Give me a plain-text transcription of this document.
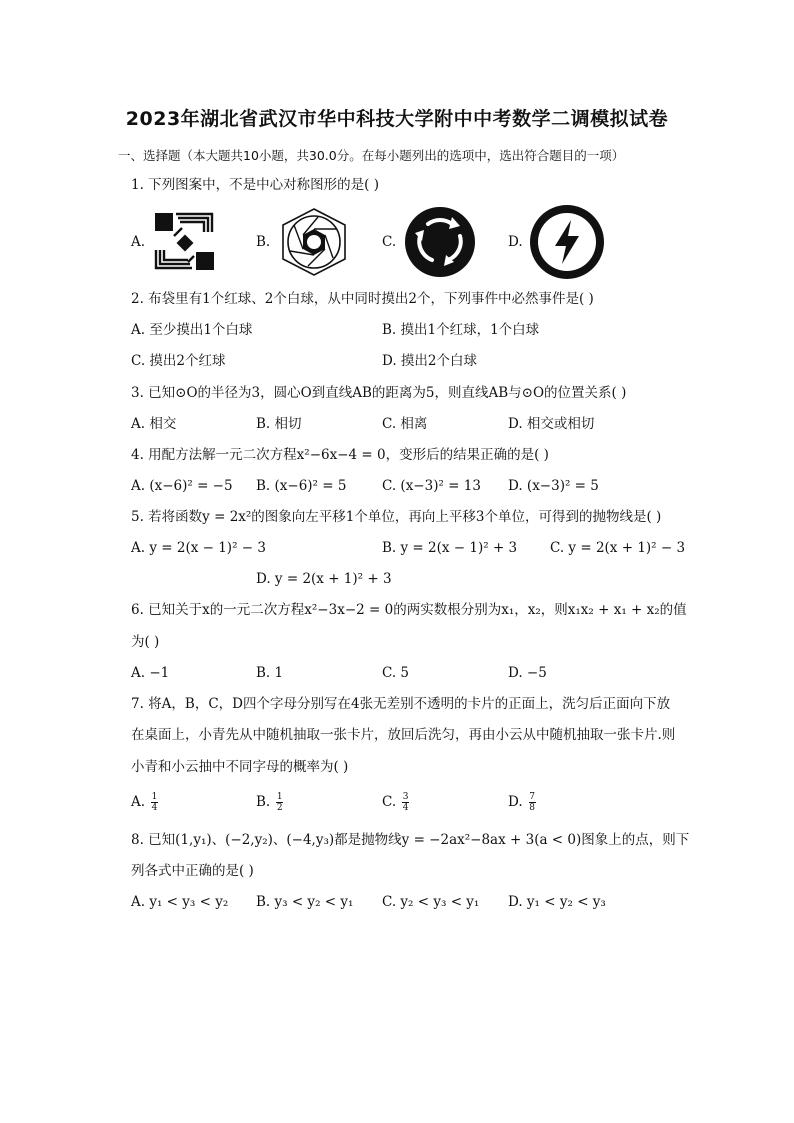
2023年湖北省武汉市华中科技大学附中中考数学二调模拟试卷
一、选择题（本大题共10小题，共30.0分。在每小题列出的选项中，选出符合题目的一项）
1. 下列图案中，不是中心对称图形的是( )
A.	B.	C.	D.
2. 布袋里有1个红球、2个白球，从中同时摸出2个，下列事件中必然事件是( )
A. 至少摸出1个白球	B. 摸出1个红球，1个白球
C. 摸出2个红球	D. 摸出2个白球
3. 已知⊙O的半径为3，圆心O到直线AB的距离为5，则直线AB与⊙O的位置关系( )
A. 相交	B. 相切	C. 相离	D. 相交或相切
4. 用配方法解一元二次方程x²−6x−4 = 0，变形后的结果正确的是( )
A. (x−6)² = −5 B. (x−6)² = 5	C. (x−3)² = 13 D. (x−3)² = 5
5. 若将函数y = 2x²的图象向左平移1个单位，再向上平移3个单位，可得到的抛物线是( )
A. y = 2(x − 1)² − 3	B. y = 2(x − 1)² + 3 C. y = 2(x + 1)² − 3
D. y = 2(x + 1)² + 3
6. 已知关于x的一元二次方程x²−3x−2 = 0的两实数根分别为x₁，x₂，则x₁x₂ + x₁ + x₂的值
为( )
A. −1	B. 1	C. 5	D. −5
7. 将A，B，C，D四个字母分别写在4张无差别不透明的卡片的正面上，洗匀后正面向下放
在桌面上，小青先从中随机抽取一张卡片，放回后洗匀，再由小云从中随机抽取一张卡片.则
小青和小云抽中不同字母的概率为( )
A. $\frac{1}{4}$	B. $\frac{1}{2}$	C. $\frac{3}{4}$	D. $\frac{7}{8}$
8. 已知(1,y₁)、(−2,y₂)、(−4,y₃)都是抛物线y = −2ax²−8ax + 3(a < 0)图象上的点，则下
列各式中正确的是( )
A. y₁ < y₃ < y₂ B. y₃ < y₂ < y₁ C. y₂ < y₃ < y₁ D. y₁ < y₂ < y₃
